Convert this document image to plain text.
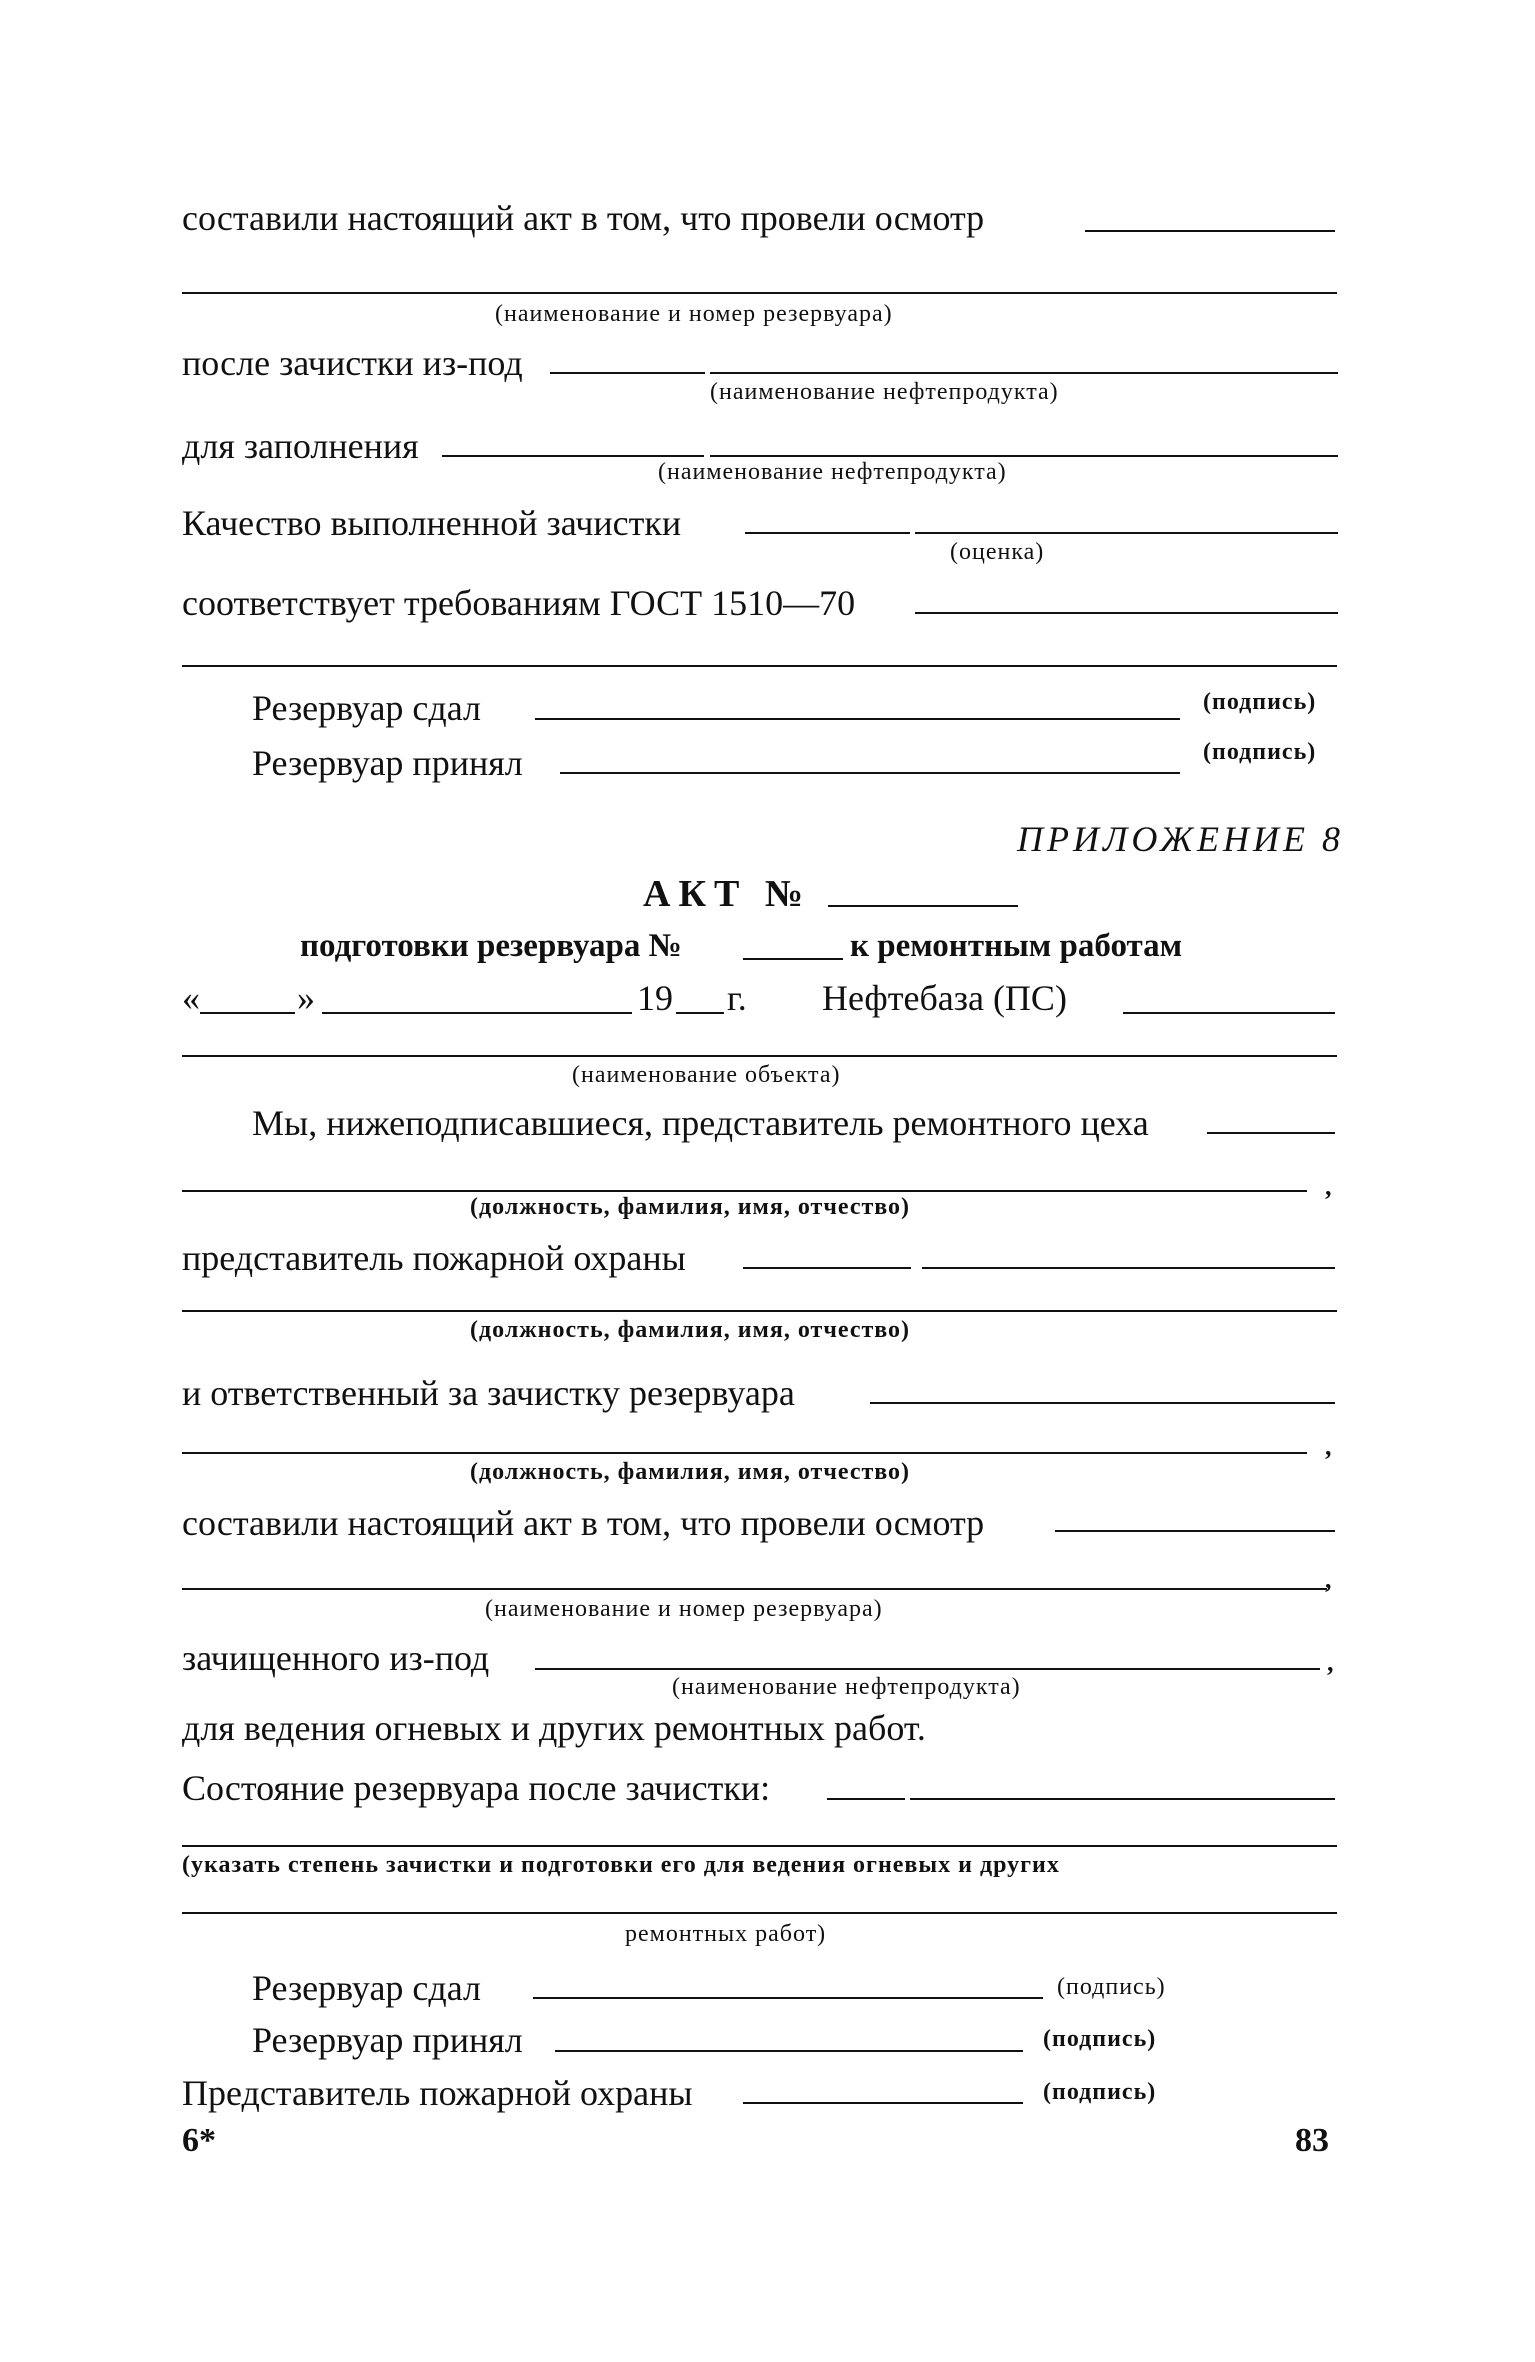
составили настоящий акт в том, что провели осмотр
(наименование и номер резервуара)
после зачистки из-под
(наименование нефтепродукта)
для заполнения
(наименование нефтепродукта)
Качество выполненной зачистки
(оценка)
соответствует требованиям ГОСТ 1510—70
Резервуар сдал	(подпись)
Резервуар принял	(подпись)
ПРИЛОЖЕНИЕ 8
АКТ №
подготовки резервуара №	к ремонтным работам
«	»	19 г. Нефтебаза (ПС)
(наименование объекта)
Мы, нижеподписавшиеся, представитель ремонтного цеха
,
(должность, фамилия, имя, отчество)
представитель пожарной охраны
(должность, фамилия, имя, отчество)
и ответственный за зачистку резервуара
,
(должность, фамилия, имя, отчество)
составили настоящий акт в том, что провели осмотр
,
(наименование и номер резервуара)
зачищенного из-под	,
(наименование нефтепродукта)
для ведения огневых и других ремонтных работ.
Состояние резервуара после зачистки:
(указать степень зачистки и подготовки его для ведения огневых и других
ремонтных работ)
Резервуар сдал	(подпись)
Резервуар принял	(подпись)
Представитель пожарной охраны	(подпись)
6*	83
